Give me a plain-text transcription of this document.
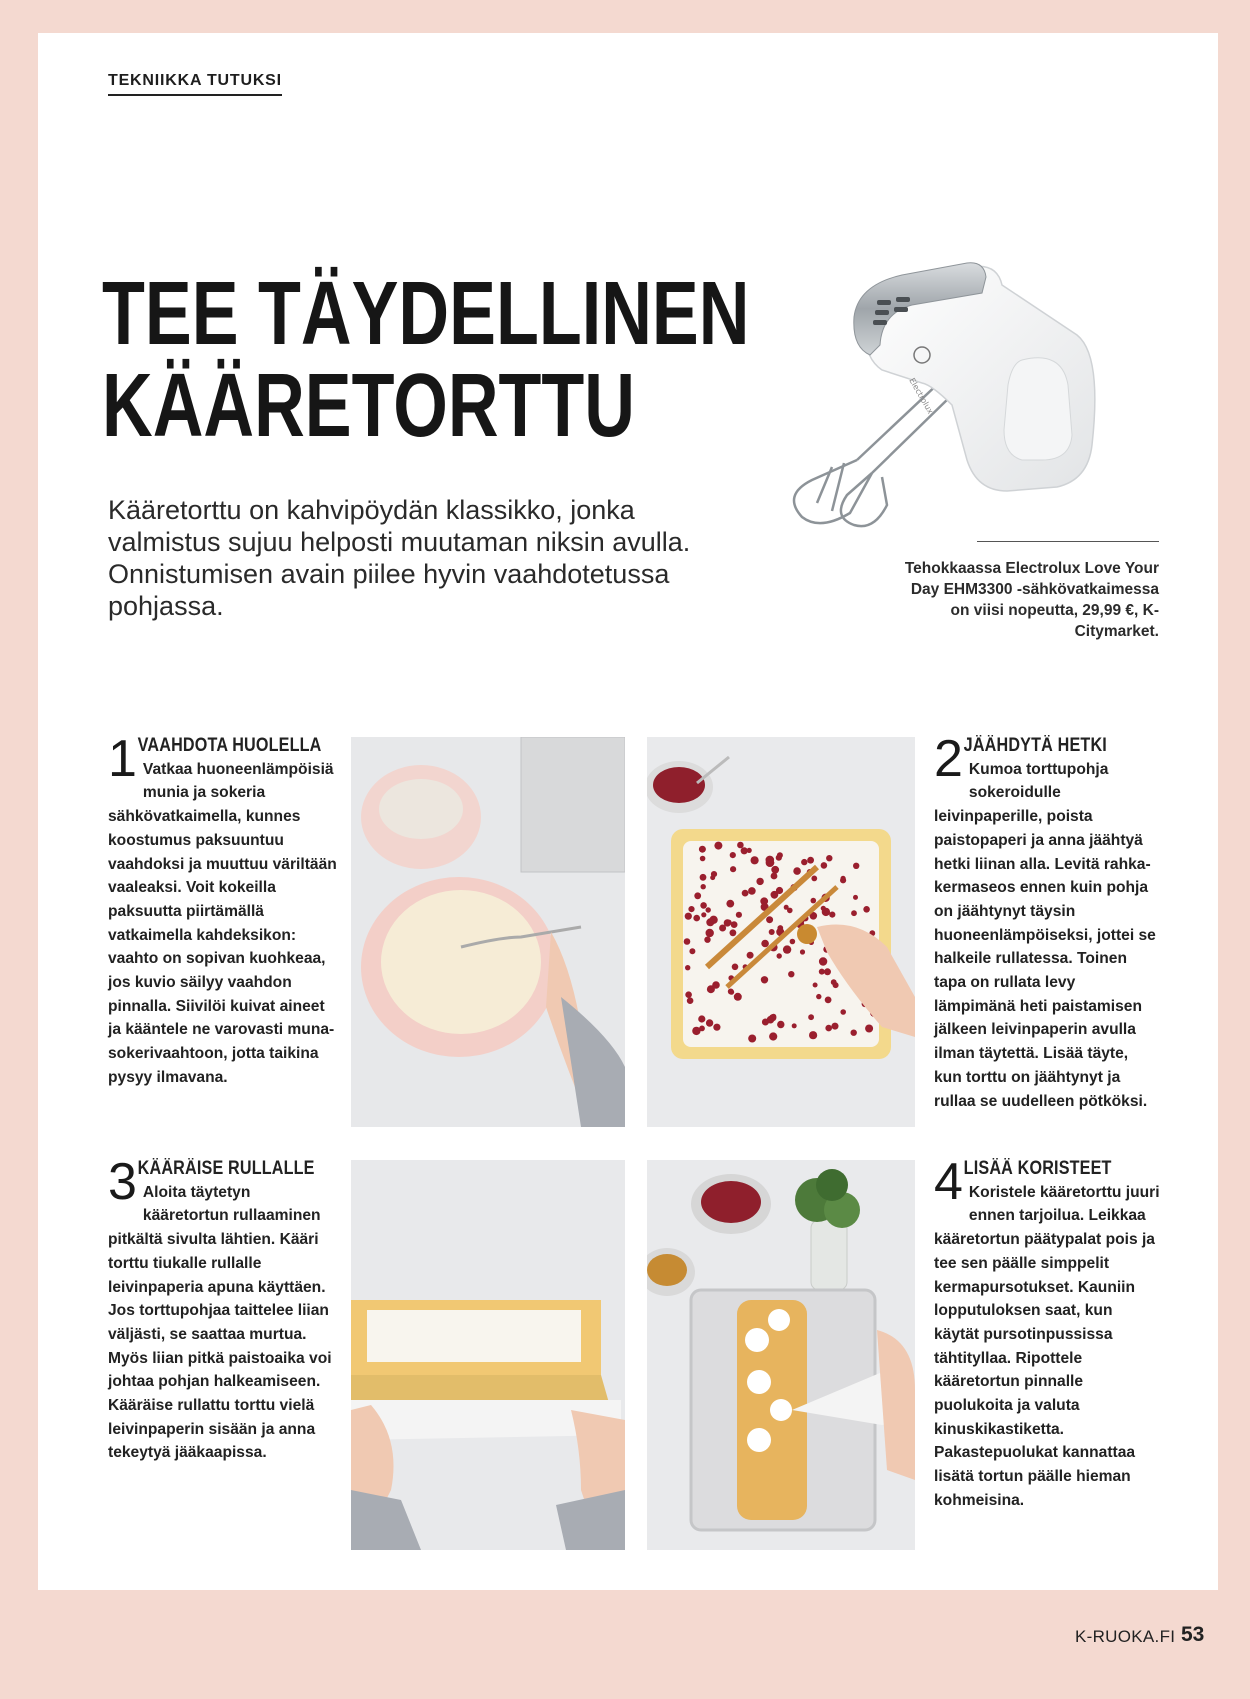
TEKNIIKKA TUTUKSI
TEE TÄYDELLINEN
KÄÄRETORTTU
Kääretorttu on kahvipöydän klassikko, jonka valmistus sujuu helposti muutaman niksin avulla. Onnistumisen avain piilee hyvin vaahdotetussa pohjassa.
Electrolux
Tehokkaassa Electrolux Love Your Day EHM3300 -sähkövatkaimessa on viisi nopeutta, 29,99 €, K-Citymarket.
1 VAAHDOTA HUOLELLA

Vatkaa huoneenlämpöisiä munia ja sokeria sähkövatkaimella, kunnes koostumus paksuuntuu vaahdoksi ja muuttuu väriltään vaaleaksi. Voit kokeilla paksuutta piirtämällä vatkaimella kahdeksikon: vaahto on sopivan kuohkeaa, jos kuvio säilyy vaahdon pinnalla. Siivilöi kuivat aineet ja kääntele ne varovasti muna-sokerivaahtoon, jotta taikina pysyy ilmavana.

2 JÄÄHDYTÄ HETKI

Kumoa torttupohja sokeroidulle leivinpaperille, poista paistopaperi ja anna jäähtyä hetki liinan alla. Levitä rahka-kermaseos ennen kuin pohja on jäähtynyt täysin huoneenlämpöiseksi, jottei se halkeile rullatessa. Toinen tapa on rullata levy lämpimänä heti paistamisen jälkeen leivinpaperin avulla ilman täytettä. Lisää täyte, kun torttu on jäähtynyt ja rullaa se uudelleen pötköksi.

3 KÄÄRÄISE RULLALLE

Aloita täytetyn kääretortun rullaaminen pitkältä sivulta lähtien. Kääri torttu tiukalle rullalle leivinpaperia apuna käyttäen. Jos torttupohjaa taittelee liian väljästi, se saattaa murtua. Myös liian pitkä paistoaika voi johtaa pohjan halkeamiseen. Kääräise rullattu torttu vielä leivinpaperin sisään ja anna tekeytyä jääkaapissa.

4 LISÄÄ KORISTEET

Koristele kääretorttu juuri ennen tarjoilua. Leikkaa kääretortun päätypalat pois ja tee sen päälle simppelit kermapursotukset. Kauniin lopputuloksen saat, kun käytät pursotinpussissa tähtityllaa. Ripottele kääretortun pinnalle puolukoita ja valuta kinuskikastiketta. Pakastepuolukat kannattaa lisätä tortun päälle hieman kohmeisina.

K-RUOKA.FI 53
